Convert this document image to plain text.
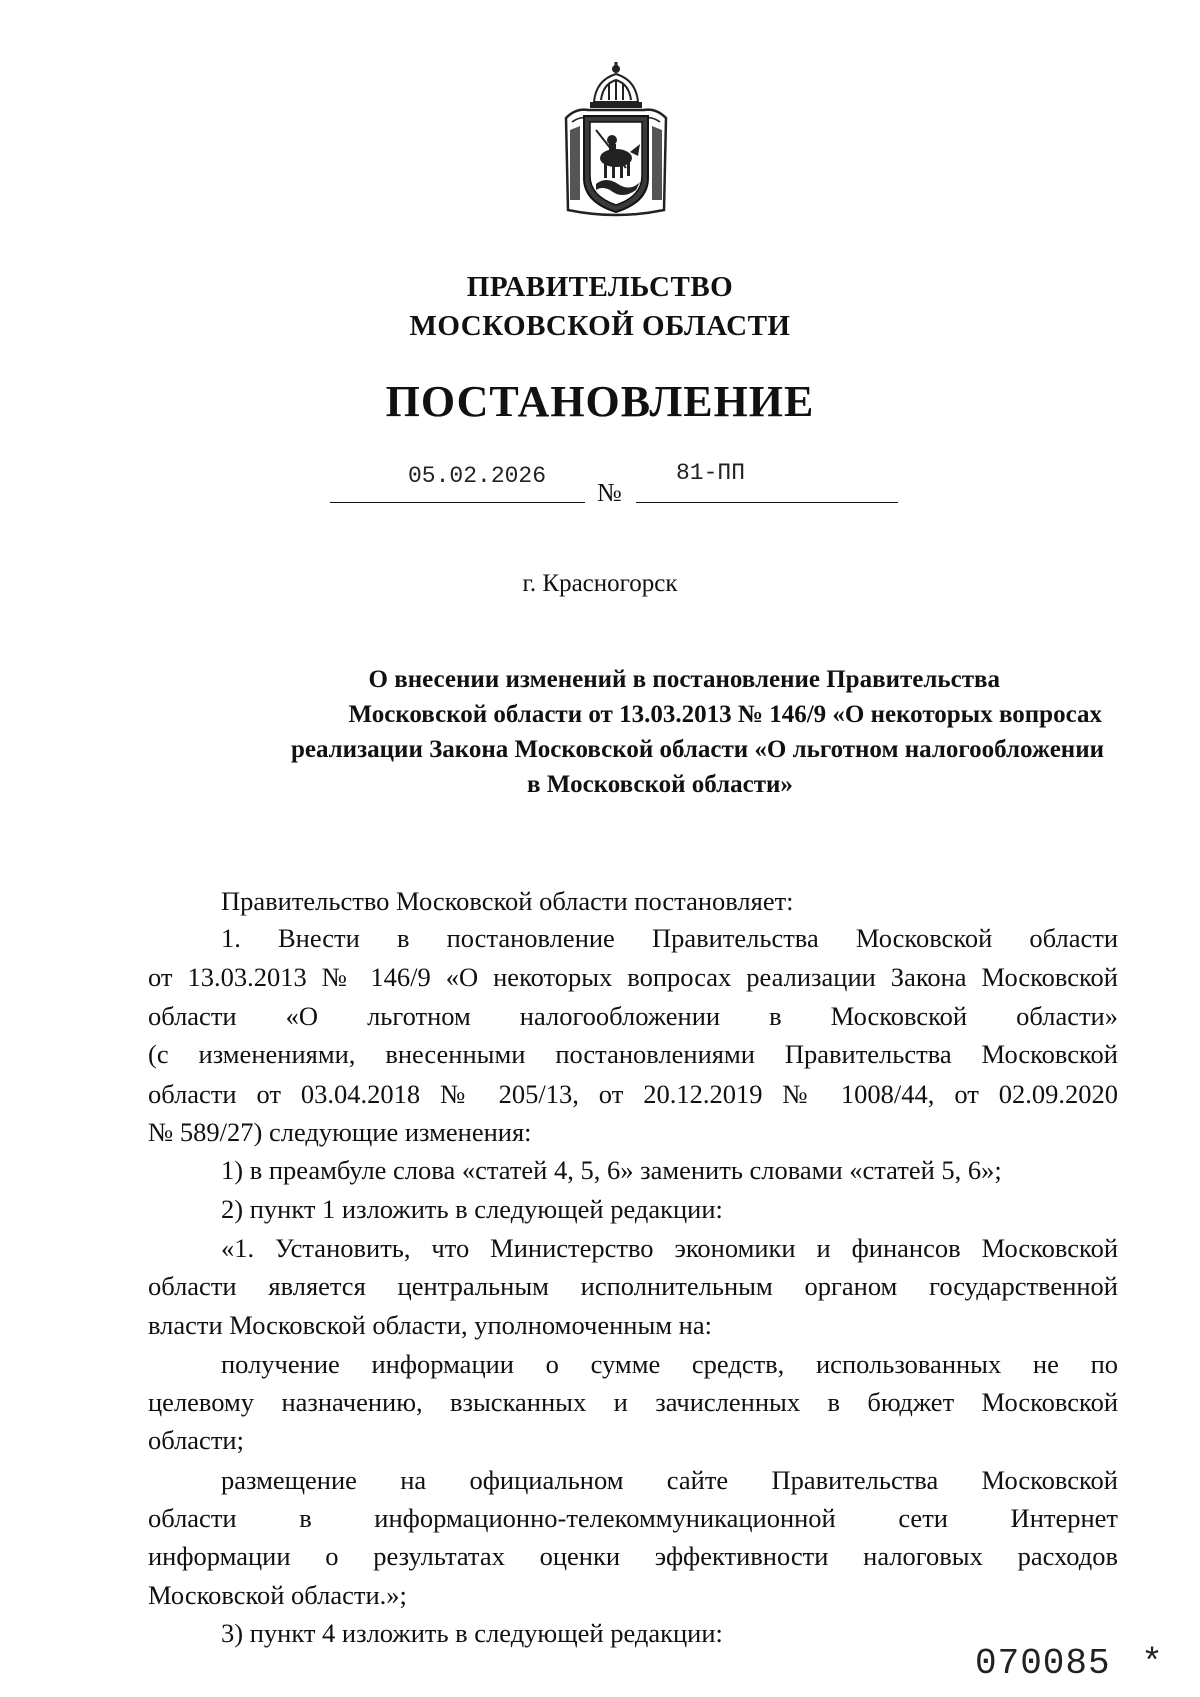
ПРАВИТЕЛЬСТВО
МОСКОВСКОЙ ОБЛАСТИ
ПОСТАНОВЛЕНИЕ
05.02.2026
№
81-ПП
г. Красногорск
О внесении изменений в постановление Правительства
Московской области от 13.03.2013 № 146/9 «О некоторых вопросах
реализации Закона Московской области «О льготном налогообложении
в Московской области»
Правительство Московской области постановляет:
1. Внести в постановление Правительства Московской области
от 13.03.2013 № 146/9 «О некоторых вопросах реализации Закона Московской
области «О льготном налогообложении в Московской области»
(с изменениями, внесенными постановлениями Правительства Московской
области от 03.04.2018 № 205/13, от 20.12.2019 № 1008/44, от 02.09.2020
№ 589/27) следующие изменения:
1) в преамбуле слова «статей 4, 5, 6» заменить словами «статей 5, 6»;
2) пункт 1 изложить в следующей редакции:
«1. Установить, что Министерство экономики и финансов Московской
области является центральным исполнительным органом государственной
власти Московской области, уполномоченным на:
получение информации о сумме средств, использованных не по
целевому назначению, взысканных и зачисленных в бюджет Московской
области;
размещение на официальном сайте Правительства Московской
области в информационно-телекоммуникационной сети Интернет
информации о результатах оценки эффективности налоговых расходов
Московской области.»;
3) пункт 4 изложить в следующей редакции:
070085 *
